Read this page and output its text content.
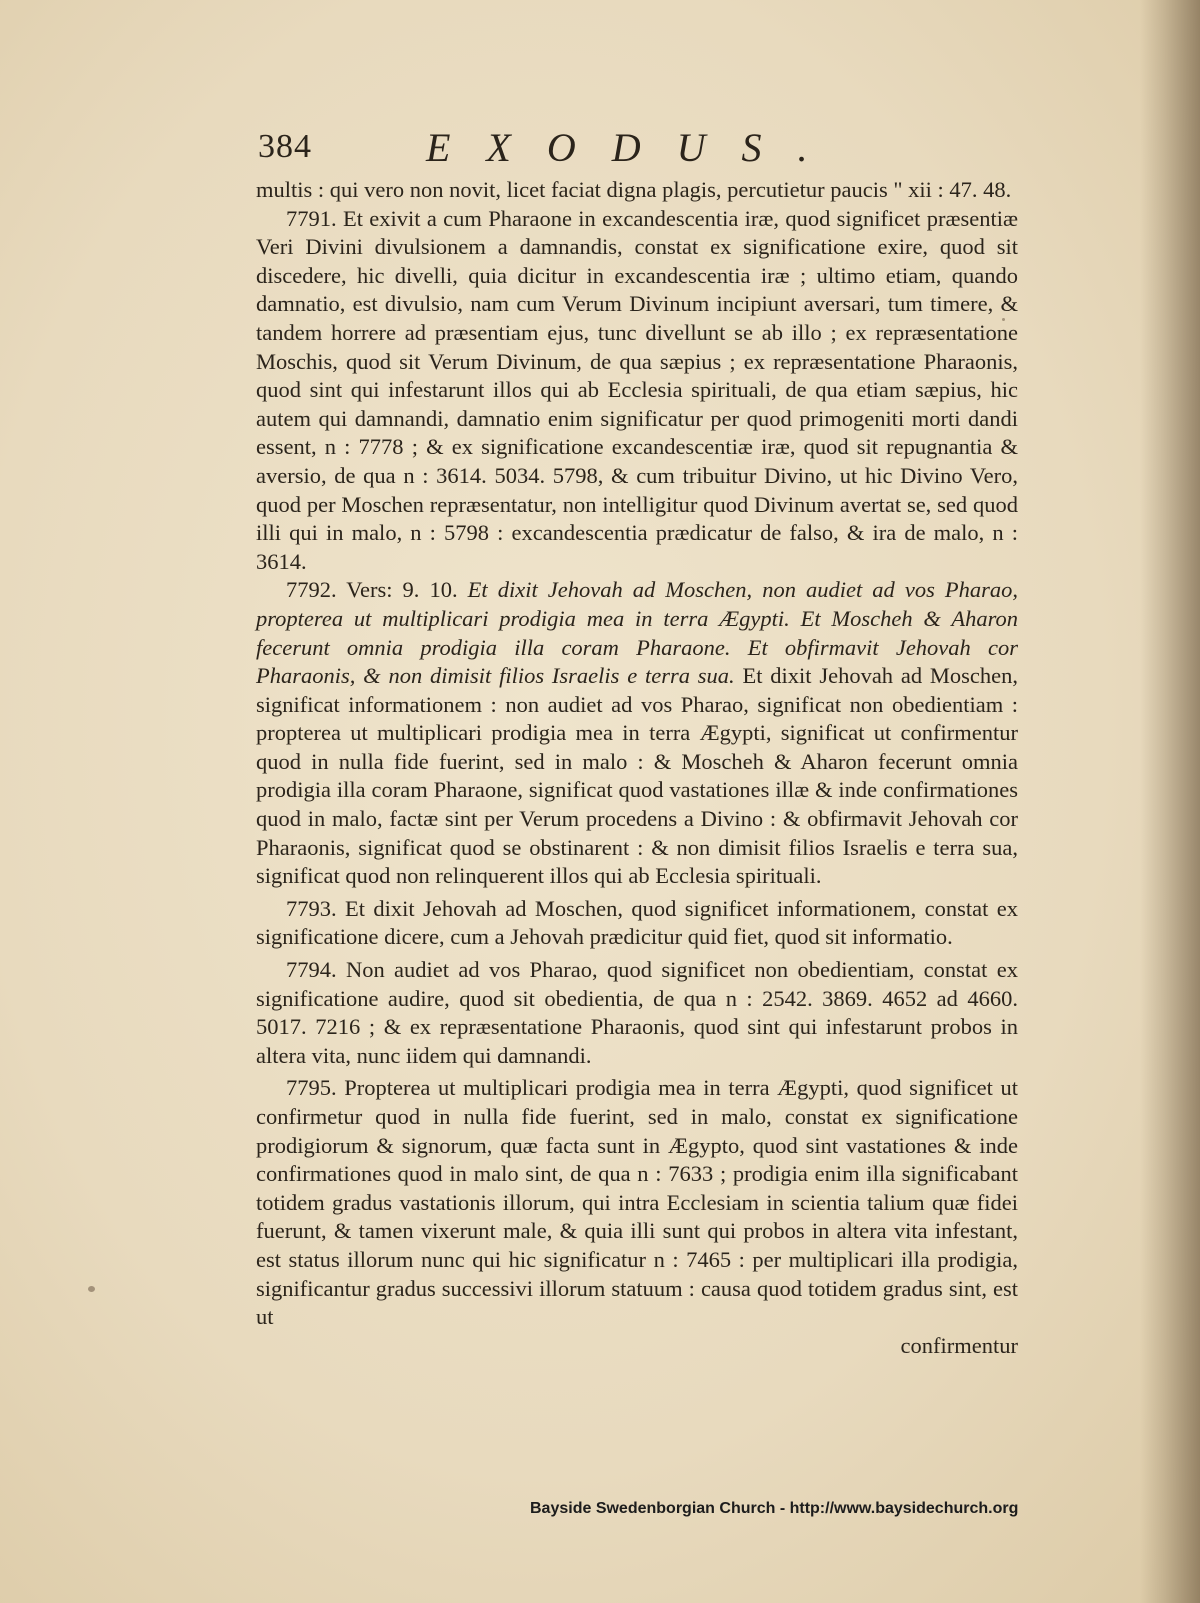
384	EXODUS.

multis : qui vero non novit, licet faciat digna plagis, percutietur paucis " xii : 47. 48.

7791. Et exivit a cum Pharaone in excandescentia iræ, quod significet præsentiæ Veri Divini divulsionem a damnandis, constat ex significatione exire, quod sit discedere, hic divelli, quia dicitur in excandescentia iræ ; ultimo etiam, quando damnatio, est divulsio, nam cum Verum Divinum incipiunt aversari, tum timere, & tandem horrere ad præsentiam ejus, tunc divellunt se ab illo ; ex repræsentatione Moschis, quod sit Verum Divinum, de qua sæpius ; ex repræsentatione Pharaonis, quod sint qui infestarunt illos qui ab Ecclesia spirituali, de qua etiam sæpius, hic autem qui damnandi, damnatio enim significatur per quod primogeniti morti dandi essent, n : 7778 ; & ex significatione excandescentiæ iræ, quod sit repugnantia & aversio, de qua n : 3614. 5034. 5798, & cum tribuitur Divino, ut hic Divino Vero, quod per Moschen repræsentatur, non intelligitur quod Divinum avertat se, sed quod illi qui in malo, n : 5798 : excandescentia prædicatur de falso, & ira de malo, n : 3614.

7792. Vers: 9. 10. Et dixit Jehovah ad Moschen, non audiet ad vos Pharao, propterea ut multiplicari prodigia mea in terra Ægypti. Et Moscheh & Aharon fecerunt omnia prodigia illa coram Pharaone. Et obfirmavit Jehovah cor Pharaonis, & non dimisit filios Israelis e terra sua. Et dixit Jehovah ad Moschen, significat informationem : non audiet ad vos Pharao, significat non obedientiam : propterea ut multiplicari prodigia mea in terra Ægypti, significat ut confirmentur quod in nulla fide fuerint, sed in malo : & Moscheh & Aharon fecerunt omnia prodigia illa coram Pharaone, significat quod vastationes illæ & inde confirmationes quod in malo, factæ sint per Verum procedens a Divino : & obfirmavit Jehovah cor Pharaonis, significat quod se obstinarent : & non dimisit filios Israelis e terra sua, significat quod non relinquerent illos qui ab Ecclesia spirituali.

7793. Et dixit Jehovah ad Moschen, quod significet informationem, constat ex significatione dicere, cum a Jehovah prædicitur quid fiet, quod sit informatio.

7794. Non audiet ad vos Pharao, quod significet non obedientiam, constat ex significatione audire, quod sit obedientia, de qua n : 2542. 3869. 4652 ad 4660. 5017. 7216 ; & ex repræsentatione Pharaonis, quod sint qui infestarunt probos in altera vita, nunc iidem qui damnandi.

7795. Propterea ut multiplicari prodigia mea in terra Ægypti, quod significet ut confirmetur quod in nulla fide fuerint, sed in malo, constat ex significatione prodigiorum & signorum, quæ facta sunt in Ægypto, quod sint vastationes & inde confirmationes quod in malo sint, de qua n : 7633 ; prodigia enim illa significabant totidem gradus vastationis illorum, qui intra Ecclesiam in scientia talium quæ fidei fuerunt, & tamen vixerunt male, & quia illi sunt qui probos in altera vita infestant, est status illorum nunc qui hic significatur n : 7465 : per multiplicari illa prodigia, significantur gradus successivi illorum statuum : causa quod totidem gradus sint, est ut

confirmentur

Bayside Swedenborgian Church - http://www.baysidechurch.org
